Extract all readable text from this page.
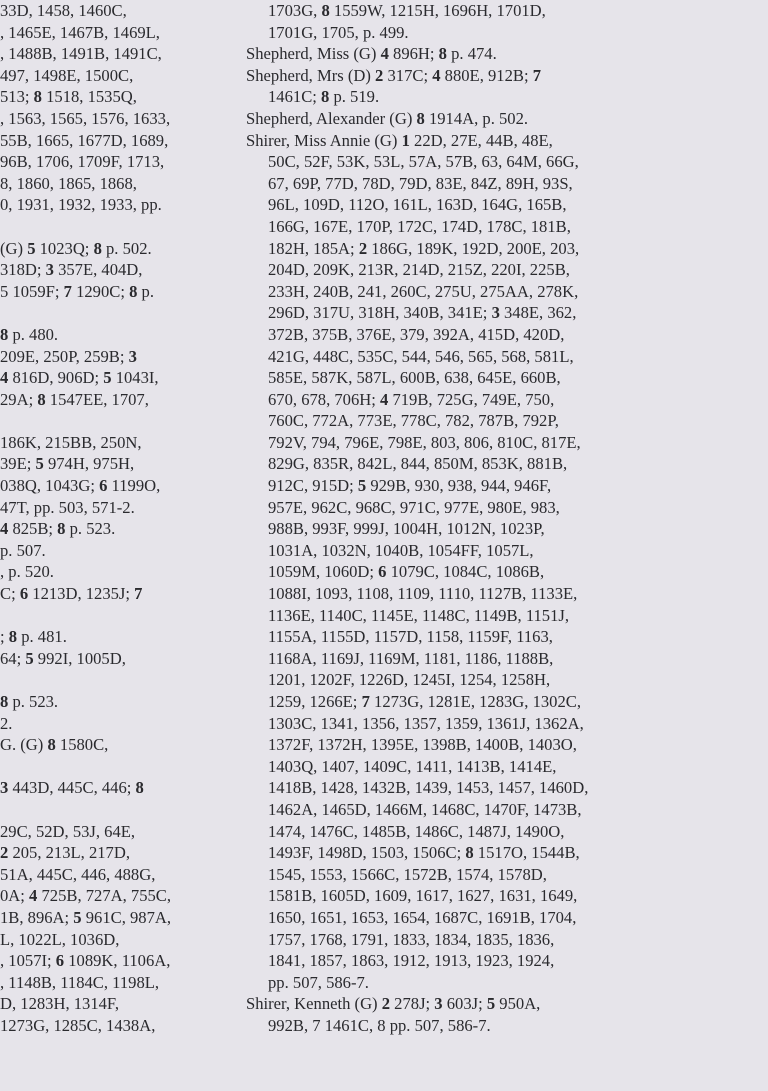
33D, 1458, 1460C,
, 1465E, 1467B, 1469L,
, 1488B, 1491B, 1491C,
497, 1498E, 1500C,
513; 8 1518, 1535Q,
, 1563, 1565, 1576, 1633,
55B, 1665, 1677D, 1689,
96B, 1706, 1709F, 1713,
8, 1860, 1865, 1868,
0, 1931, 1932, 1933, pp.

(G) 5 1023Q; 8 p. 502.
318D; 3 357E, 404D,
5 1059F; 7 1290C; 8 p.

8 p. 480.
209E, 250P, 259B; 3
4 816D, 906D; 5 1043I,
29A; 8 1547EE, 1707,

186K, 215BB, 250N,
39E; 5 974H, 975H,
038Q, 1043G; 6 1199O,
47T, pp. 503, 571-2.
4 825B; 8 p. 523.
p. 507.
, p. 520.
C; 6 1213D, 1235J; 7

; 8 p. 481.
64; 5 992I, 1005D,

8 p. 523.
2.
G. (G) 8 1580C,

3 443D, 445C, 446; 8

29C, 52D, 53J, 64E,
2 205, 213L, 217D,
51A, 445C, 446, 488G,
0A; 4 725B, 727A, 755C,
1B, 896A; 5 961C, 987A,
L, 1022L, 1036D,
, 1057I; 6 1089K, 1106A,
, 1148B, 1184C, 1198L,
D, 1283H, 1314F,
1273G, 1285C, 1438A,
1703G, 8 1559W, 1215H, 1696H, 1701D,
1701G, 1705, p. 499.
Shepherd, Miss (G) 4 896H; 8 p. 474.
Shepherd, Mrs (D) 2 317C; 4 880E, 912B; 7
1461C; 8 p. 519.
Shepherd, Alexander (G) 8 1914A, p. 502.
Shirer, Miss Annie (G) 1 22D, 27E, 44B, 48E,
50C, 52F, 53K, 53L, 57A, 57B, 63, 64M, 66G,
67, 69P, 77D, 78D, 79D, 83E, 84Z, 89H, 93S,
96L, 109D, 112O, 161L, 163D, 164G, 165B,
166G, 167E, 170P, 172C, 174D, 178C, 181B,
182H, 185A; 2 186G, 189K, 192D, 200E, 203,
204D, 209K, 213R, 214D, 215Z, 220I, 225B,
233H, 240B, 241, 260C, 275U, 275AA, 278K,
296D, 317U, 318H, 340B, 341E; 3 348E, 362,
372B, 375B, 376E, 379, 392A, 415D, 420D,
421G, 448C, 535C, 544, 546, 565, 568, 581L,
585E, 587K, 587L, 600B, 638, 645E, 660B,
670, 678, 706H; 4 719B, 725G, 749E, 750,
760C, 772A, 773E, 778C, 782, 787B, 792P,
792V, 794, 796E, 798E, 803, 806, 810C, 817E,
829G, 835R, 842L, 844, 850M, 853K, 881B,
912C, 915D; 5 929B, 930, 938, 944, 946F,
957E, 962C, 968C, 971C, 977E, 980E, 983,
988B, 993F, 999J, 1004H, 1012N, 1023P,
1031A, 1032N, 1040B, 1054FF, 1057L,
1059M, 1060D; 6 1079C, 1084C, 1086B,
1088I, 1093, 1108, 1109, 1110, 1127B, 1133E,
1136E, 1140C, 1145E, 1148C, 1149B, 1151J,
1155A, 1155D, 1157D, 1158, 1159F, 1163,
1168A, 1169J, 1169M, 1181, 1186, 1188B,
1201, 1202F, 1226D, 1245I, 1254, 1258H,
1259, 1266E; 7 1273G, 1281E, 1283G, 1302C,
1303C, 1341, 1356, 1357, 1359, 1361J, 1362A,
1372F, 1372H, 1395E, 1398B, 1400B, 1403O,
1403Q, 1407, 1409C, 1411, 1413B, 1414E,
1418B, 1428, 1432B, 1439, 1453, 1457, 1460D,
1462A, 1465D, 1466M, 1468C, 1470F, 1473B,
1474, 1476C, 1485B, 1486C, 1487J, 1490O,
1493F, 1498D, 1503, 1506C; 8 1517O, 1544B,
1545, 1553, 1566C, 1572B, 1574, 1578D,
1581B, 1605D, 1609, 1617, 1627, 1631, 1649,
1650, 1651, 1653, 1654, 1687C, 1691B, 1704,
1757, 1768, 1791, 1833, 1834, 1835, 1836,
1841, 1857, 1863, 1912, 1913, 1923, 1924,
pp. 507, 586-7.
Shirer, Kenneth (G) 2 278J; 3 603J; 5 950A,
992B, 7 1461C, 8 pp. 507, 586-7.
